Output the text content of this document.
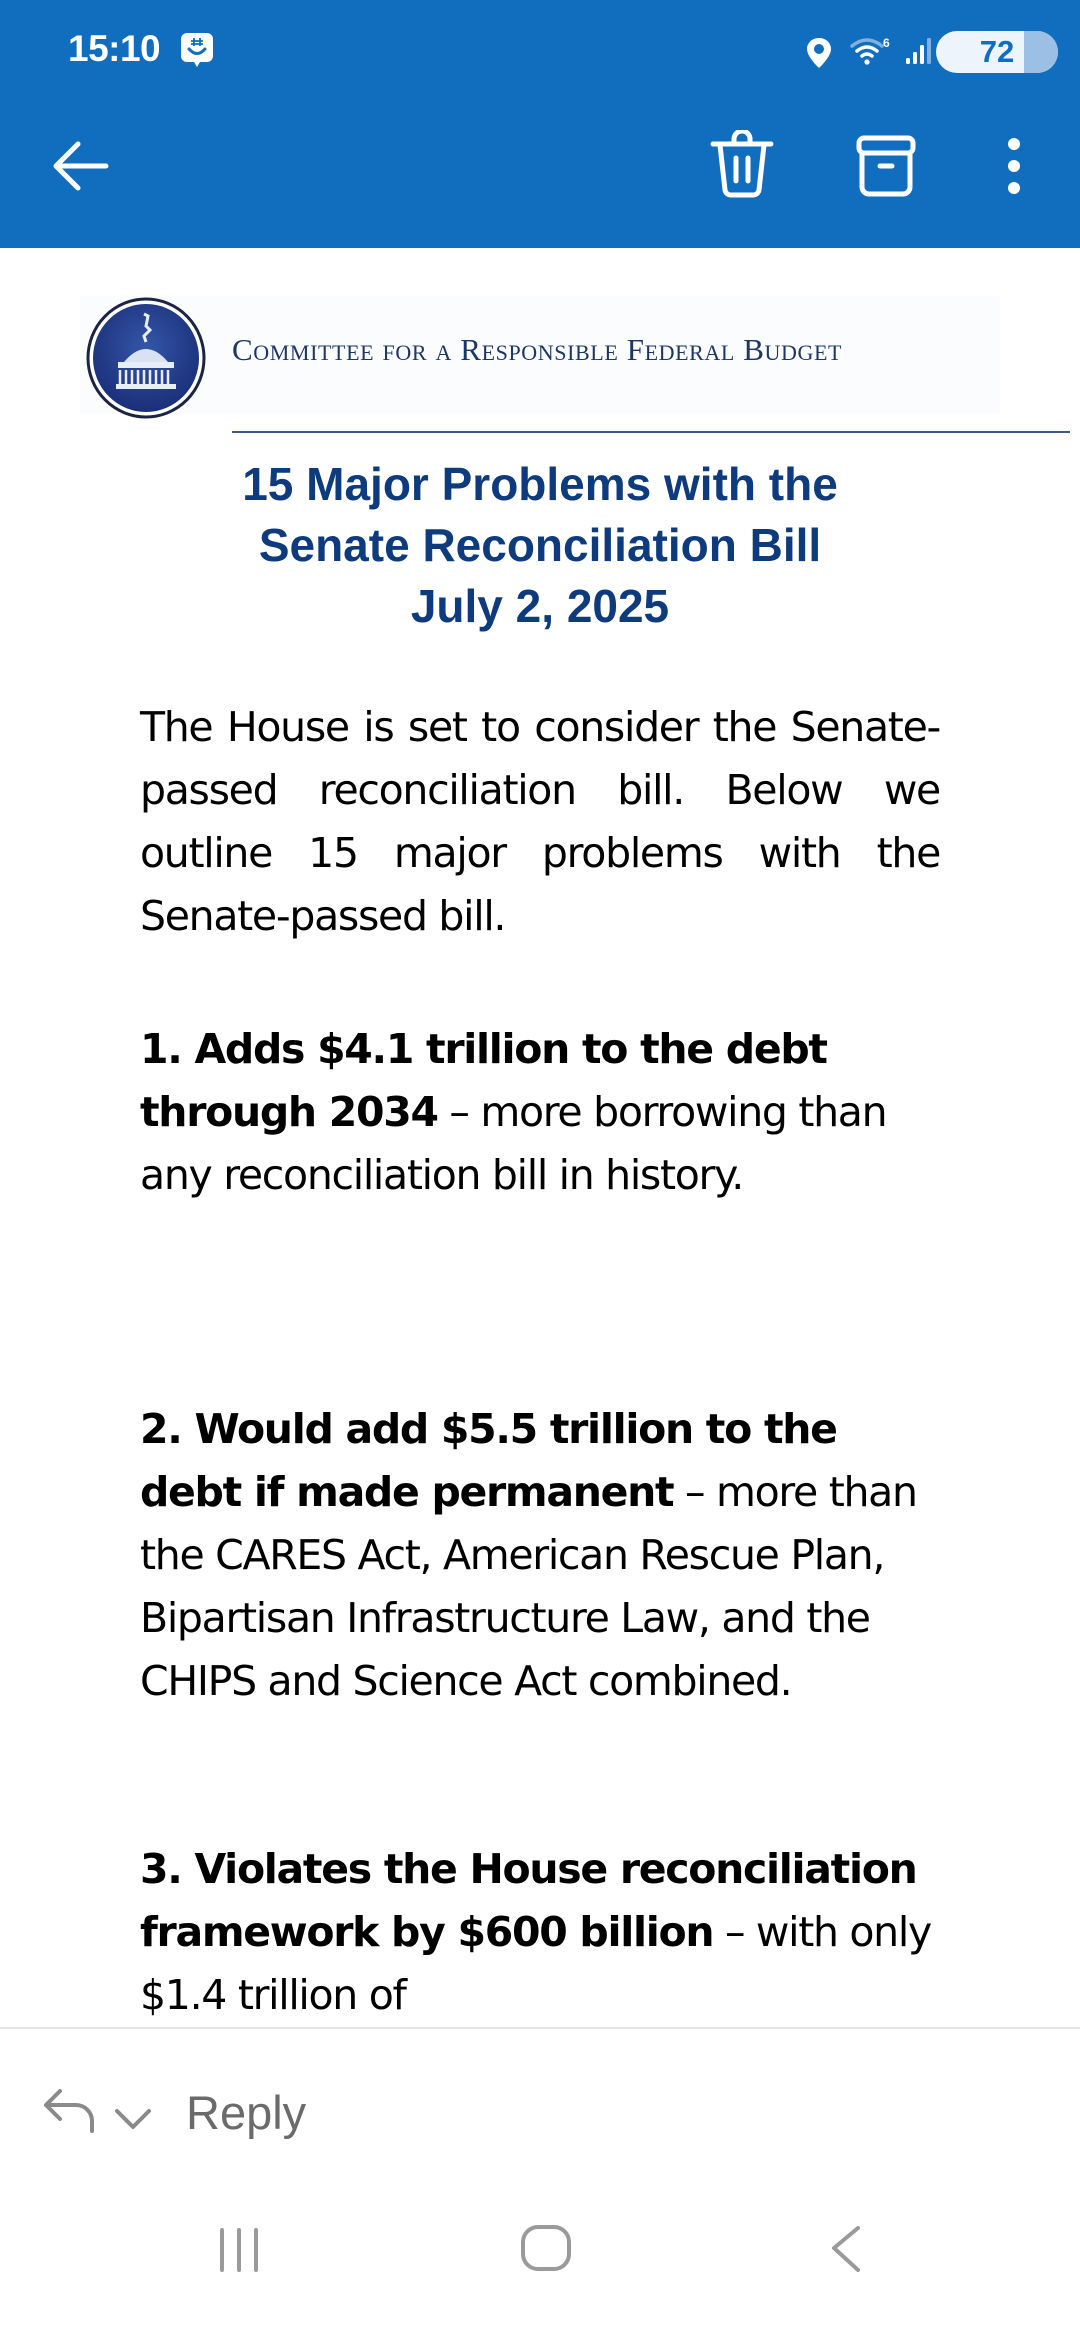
15:10	6	72
Committee for a Responsible Federal Budget
15 Major Problems with the
Senate Reconciliation Bill
July 2, 2025
The House is set to consider the Senate-passed reconciliation bill. Below we outline 15 major problems with the Senate-passed bill.
1. Adds $4.1 trillion to the debt through 2034 – more borrowing than any reconciliation bill in history.
2. Would add $5.5 trillion to the debt if made permanent – more than the CARES Act, American Rescue Plan, Bipartisan Infrastructure Law, and the CHIPS and Science Act combined.
3. Violates the House reconciliation framework by $600 billion – with only $1.4 trillion of
Reply
